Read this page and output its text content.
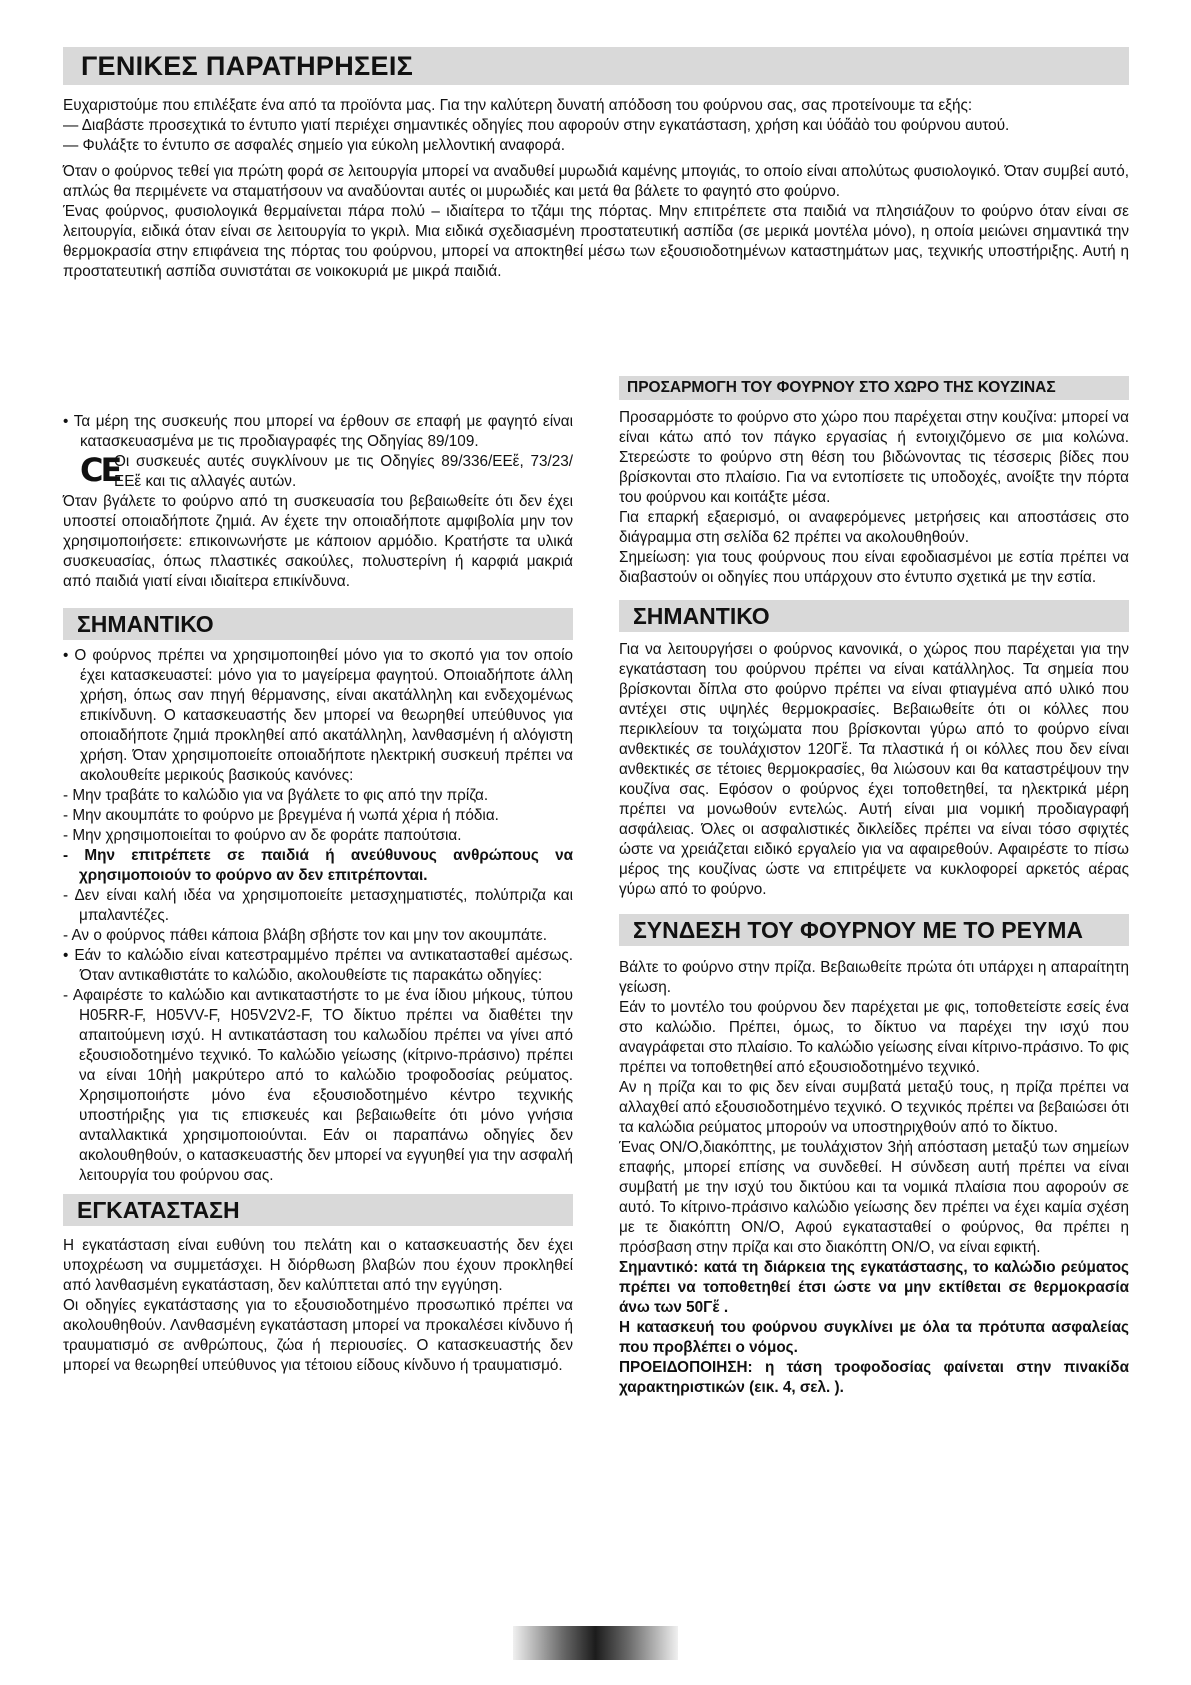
ΓΕΝΙΚΕΣ ΠΑΡΑΤΗΡΗΣΕΙΣ

Ευχαριστούμε που επιλέξατε ένα από τα προϊόντα μας. Για την καλύτερη δυνατή απόδοση του φούρνου σας, σας προτείνουμε τα εξής:

— Διαβάστε προσεχτικά το έντυπο γιατί περιέχει σημαντικές οδηγίες που αφορούν στην εγκατάσταση, χρήση και ὑόἄἀὸ του φούρνου αυτού.

— Φυλάξτε το έντυπο σε ασφαλές σημείο για εύκολη μελλοντική αναφορά.

Όταν ο φούρνος τεθεί για πρώτη φορά σε λειτουργία μπορεί να αναδυθεί μυρωδιά καμένης μπογιάς, το οποίο είναι απολύτως φυσιολογικό. Όταν συμβεί αυτό, απλώς θα περιμένετε να σταματήσουν να αναδύονται αυτές οι μυρωδιές και μετά θα βάλετε το φαγητό στο φούρνο.

Ένας φούρνος, φυσιολογικά θερμαίνεται πάρα πολύ – ιδιαίτερα το τζάμι της πόρτας. Μην επιτρέπετε στα παιδιά να πλησιάζουν το φούρνο όταν είναι σε λειτουργία, ειδικά όταν είναι σε λειτουργία το γκριλ. Μια ειδικά σχεδιασμένη προστατευτική ασπίδα (σε μερικά μοντέλα μόνο), η οποία μειώνει σημαντικά την θερμοκρασία στην επιφάνεια της πόρτας του φούρνου, μπορεί να αποκτηθεί μέσω των εξουσιοδοτημένων καταστημάτων μας, τεχνικής υποστήριξης. Αυτή η προστατευτική ασπίδα συνιστάται σε νοικοκυριά με μικρά παιδιά.

• Τα μέρη της συσκευής που μπορεί να έρθουν σε επαφή με φαγητό είναι κατασκευασμένα με τις προδιαγραφές της Οδηγίας 89/109.

CE

Οι συσκευές αυτές συγκλίνουν με τις Οδηγίες 89/336/ΕΕἕ, 73/23/ΕΕἕ και τις αλλαγές αυτών.

Όταν βγάλετε το φούρνο από τη συσκευασία του βεβαιωθείτε ότι δεν έχει υποστεί οποιαδήποτε ζημιά. Αν έχετε την οποιαδήποτε αμφιβολία μην τον χρησιμοποιήσετε: επικοινωνήστε με κάποιον αρμόδιο. Κρατήστε τα υλικά συσκευασίας, όπως πλαστικές σακούλες, πολυστερίνη ή καρφιά μακριά από παιδιά γιατί είναι ιδιαίτερα επικίνδυνα.

ΣΗΜΑΝΤΙΚΟ

• Ο φούρνος πρέπει να χρησιμοποιηθεί μόνο για το σκοπό για τον οποίο έχει κατασκευαστεί: μόνο για το μαγείρεμα φαγητού. Οποιαδήποτε άλλη χρήση, όπως σαν πηγή θέρμανσης, είναι ακατάλληλη και ενδεχομένως επικίνδυνη. Ο κατασκευαστής δεν μπορεί να θεωρηθεί υπεύθυνος για οποιαδήποτε ζημιά προκληθεί από ακατάλληλη, λανθασμένη ή αλόγιστη χρήση. Όταν χρησιμοποιείτε οποιαδήποτε ηλεκτρική συσκευή πρέπει να ακολουθείτε μερικούς βασικούς κανόνες:

- Μην τραβάτε το καλώδιο για να βγάλετε το φις από την πρίζα.

- Μην ακουμπάτε το φούρνο με βρεγμένα ή νωπά χέρια ή πόδια.

- Μην χρησιμοποιείται το φούρνο αν δε φοράτε παπούτσια.

- Μην επιτρέπετε σε παιδιά ή ανεύθυνους ανθρώπους να χρησιμοποιούν το φούρνο αν δεν επιτρέπονται.

- Δεν είναι καλή ιδέα να χρησιμοποιείτε μετασχηματιστές, πολύπριζα και μπαλαντέζες.

- Αν ο φούρνος πάθει κάποια βλάβη σβήστε τον και μην τον ακουμπάτε.

• Εάν το καλώδιο είναι κατεστραμμένο πρέπει να αντικατασταθεί αμέσως. Όταν αντικαθιστάτε το καλώδιο, ακολουθείστε τις παρακάτω οδηγίες:

- Αφαιρέστε το καλώδιο και αντικαταστήστε το με ένα ίδιου μήκους, τύπου H05RR-F, H05VV-F, H05V2V2-F, ΤΟ δίκτυο πρέπει να διαθέτει την απαιτούμενη ισχύ. Η αντικατάσταση του καλωδίου πρέπει να γίνει από εξουσιοδοτημένο τεχνικό. Το καλώδιο γείωσης (κίτρινο-πράσινο) πρέπει να είναι 10ἠἡ μακρύτερο από το καλώδιο τροφοδοσίας ρεύματος. Χρησιμοποιήστε μόνο ένα εξουσιοδοτημένο κέντρο τεχνικής υποστήριξης για τις επισκευές και βεβαιωθείτε ότι μόνο γνήσια ανταλλακτικά χρησιμοποιούνται. Εάν οι παραπάνω οδηγίες δεν ακολουθηθούν, ο κατασκευαστής δεν μπορεί να εγγυηθεί για την ασφαλή λειτουργία του φούρνου σας.

ΕΓΚΑΤΑΣΤΑΣΗ

Η εγκατάσταση είναι ευθύνη του πελάτη και ο κατασκευαστής δεν έχει υποχρέωση να συμμετάσχει. Η διόρθωση βλαβών που έχουν προκληθεί από λανθασμένη εγκατάσταση, δεν καλύπτεται από την εγγύηση.

Οι οδηγίες εγκατάστασης για το εξουσιοδοτημένο προσωπικό πρέπει να ακολουθηθούν. Λανθασμένη εγκατάσταση μπορεί να προκαλέσει κίνδυνο ή τραυματισμό σε ανθρώπους, ζώα ή περιουσίες. Ο κατασκευαστής δεν μπορεί να θεωρηθεί υπεύθυνος για τέτοιου είδους κίνδυνο ή τραυματισμό.

ΠΡΟΣΑΡΜΟΓΗ ΤΟΥ ΦΟΥΡΝΟΥ ΣΤΟ ΧΩΡΟ ΤΗΣ ΚΟΥΖΙΝΑΣ

Προσαρμόστε το φούρνο στο χώρο που παρέχεται στην κουζίνα: μπορεί να είναι κάτω από τον πάγκο εργασίας ή εντοιχιζόμενο σε μια κολώνα. Στερεώστε το φούρνο στη θέση του βιδώνοντας τις τέσσερις βίδες που βρίσκονται στο πλαίσιο. Για να εντοπίσετε τις υποδοχές, ανοίξτε την πόρτα του φούρνου και κοιτάξτε μέσα.

Για επαρκή εξαερισμό, οι αναφερόμενες μετρήσεις και αποστάσεις στο διάγραμμα στη σελίδα 62 πρέπει να ακολουθηθούν.

Σημείωση: για τους φούρνους που είναι εφοδιασμένοι με εστία πρέπει να διαβαστούν οι οδηγίες που υπάρχουν στο έντυπο σχετικά με την εστία.

ΣΗΜΑΝΤΙΚΟ

Για να λειτουργήσει ο φούρνος κανονικά, ο χώρος που παρέχεται για την εγκατάσταση του φούρνου πρέπει να είναι κατάλληλος. Τα σημεία που βρίσκονται δίπλα στο φούρνο πρέπει να είναι φτιαγμένα από υλικό που αντέχει στις υψηλές θερμοκρασίες. Βεβαιωθείτε ότι οι κόλλες που περικλείουν τα τοιχώματα που βρίσκονται γύρω από το φούρνο είναι ανθεκτικές σε τουλάχιστον 120Γἕ. Τα πλαστικά ή οι κόλλες που δεν είναι ανθεκτικές σε τέτοιες θερμοκρασίες, θα λιώσουν και θα καταστρέψουν την κουζίνα σας. Εφόσον ο φούρνος έχει τοποθετηθεί, τα ηλεκτρικά μέρη πρέπει να μονωθούν εντελώς. Αυτή είναι μια νομική προδιαγραφή ασφάλειας. Όλες οι ασφαλιστικές δικλείδες πρέπει να είναι τόσο σφιχτές ώστε να χρειάζεται ειδικό εργαλείο για να αφαιρεθούν. Αφαιρέστε το πίσω μέρος της κουζίνας ώστε να επιτρέψετε να κυκλοφορεί αρκετός αέρας γύρω από το φούρνο.

ΣΥΝΔΕΣΗ ΤΟΥ ΦΟΥΡΝΟΥ ΜΕ ΤΟ ΡΕΥΜΑ

Βάλτε το φούρνο στην πρίζα. Βεβαιωθείτε πρώτα ότι υπάρχει η απαραίτητη γείωση.

Εάν το μοντέλο του φούρνου δεν παρέχεται με φις, τοποθετείστε εσείς ένα στο καλώδιο. Πρέπει, όμως, το δίκτυο να παρέχει την ισχύ που αναγράφεται στο πλαίσιο. Το καλώδιο γείωσης είναι κίτρινο-πράσινο. Το φις πρέπει να τοποθετηθεί από εξουσιοδοτημένο τεχνικό.

Αν η πρίζα και το φις δεν είναι συμβατά μεταξύ τους, η πρίζα πρέπει να αλλαχθεί από εξουσιοδοτημένο τεχνικό. Ο τεχνικός πρέπει να βεβαιώσει ότι τα καλώδια ρεύματος μπορούν να υποστηριχθούν από το δίκτυο.

Ένας ON/O,διακόπτης, με τουλάχιστον 3ἠἡ απόσταση μεταξύ των σημείων επαφής, μπορεί επίσης να συνδεθεί. Η σύνδεση αυτή πρέπει να είναι συμβατή με την ισχύ του δικτύου και τα νομικά πλαίσια που αφορούν σε αυτό. Το κίτρινο-πράσινο καλώδιο γείωσης δεν πρέπει να έχει καμία σχέση με τε διακόπτη ON/O, Αφού εγκατασταθεί ο φούρνος, θα πρέπει η πρόσβαση στην πρίζα και στο διακόπτη ON/O, να είναι εφικτή.

Σημαντικό: κατά τη διάρκεια της εγκατάστασης, το καλώδιο ρεύματος πρέπει να τοποθετηθεί έτσι ώστε να μην εκτίθεται σε θερμοκρασία άνω των 50Γἕ .

Η κατασκευή του φούρνου συγκλίνει με όλα τα πρότυπα ασφαλείας που προβλέπει ο νόμος.

ΠΡΟΕΙΔΟΠΟΙΗΣΗ: η τάση τροφοδοσίας φαίνεται στην πινακίδα χαρακτηριστικών (εικ. 4, σελ. ).
